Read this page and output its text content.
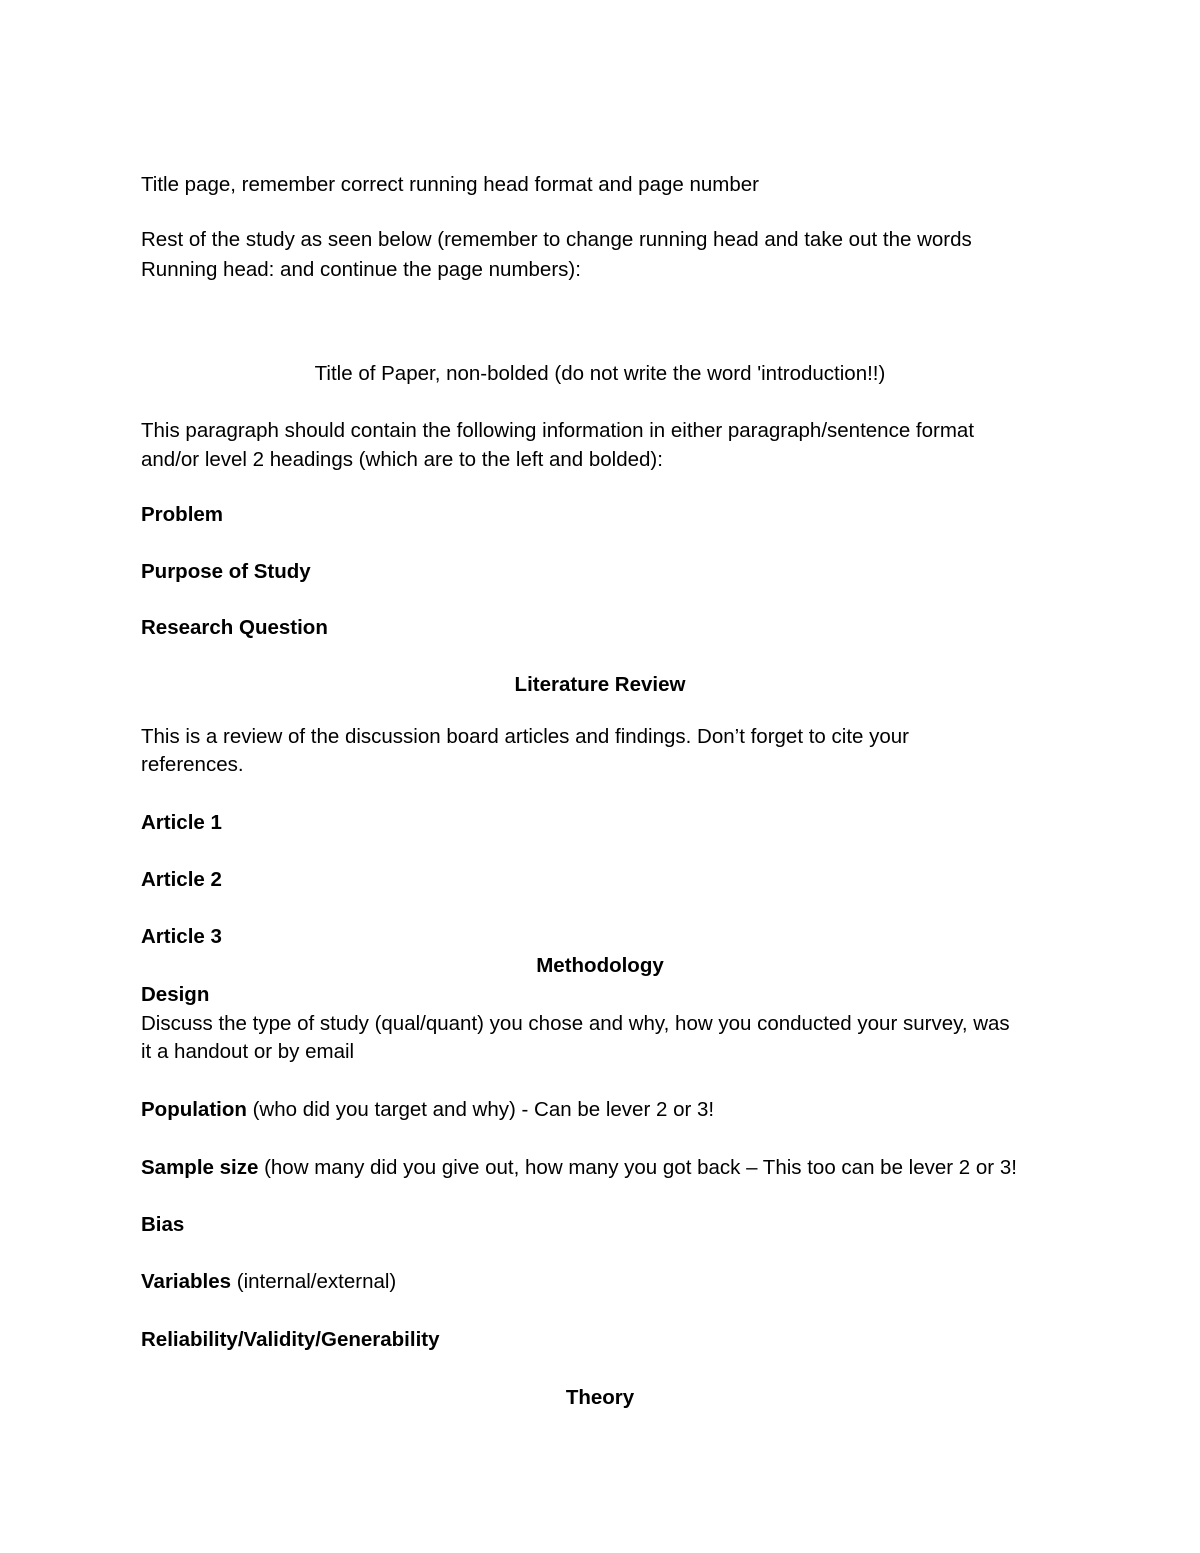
Title page, remember correct running head format and page number
Rest of the study as seen below (remember to change running head and take out the words
Running head: and continue the page numbers):
Title of Paper, non-bolded (do not write the word 'introduction!!)
This paragraph should contain the following information in either paragraph/sentence format
and/or level 2 headings (which are to the left and bolded):
Problem
Purpose of Study
Research Question
Literature Review
This is a review of the discussion board articles and findings. Don’t forget to cite your
references.
Article 1
Article 2
Article 3
Methodology
Design
Discuss the type of study (qual/quant) you chose and why, how you conducted your survey, was
it a handout or by email
Population (who did you target and why) - Can be lever 2 or 3!
Sample size (how many did you give out, how many you got back – This too can be lever 2 or 3!
Bias
Variables (internal/external)
Reliability/Validity/Generability
Theory
